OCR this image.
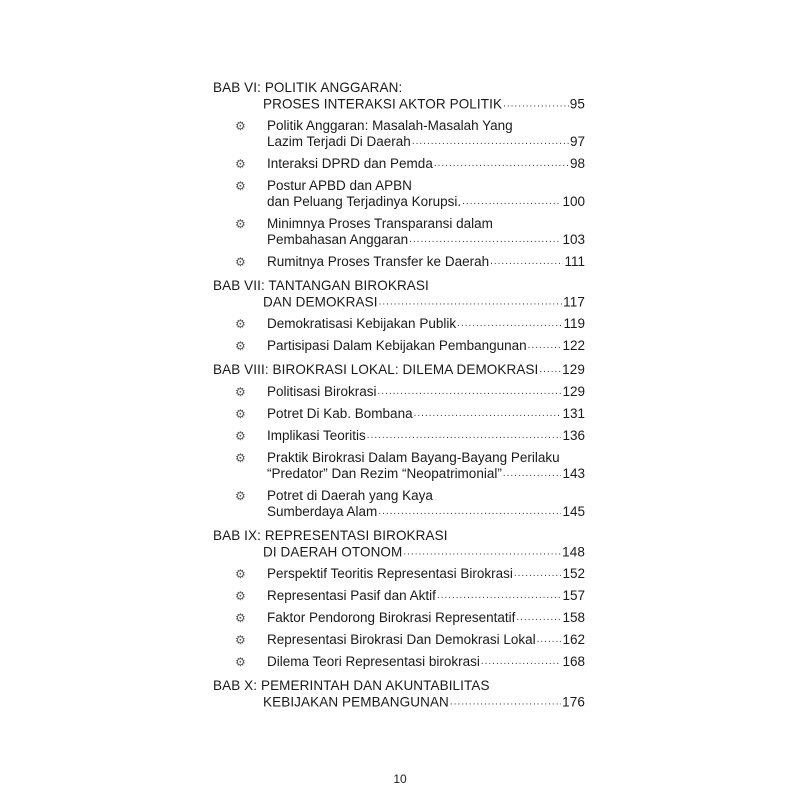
BAB VI: POLITIK ANGGARAN:
PROSES INTERAKSI AKTOR POLITIK .....	95
⚙	Politik Anggaran: Masalah-Masalah Yang
Lazim Terjadi Di Daerah .....	97
⚙	Interaksi DPRD dan Pemda .....	98
⚙	Postur APBD dan APBN
dan Peluang Terjadinya Korupsi. .....	100
⚙	Minimnya Proses Transparansi dalam
Pembahasan Anggaran .....	103
⚙	Rumitnya Proses Transfer ke Daerah .....	111
BAB VII: TANTANGAN BIROKRASI
DAN DEMOKRASI .....	117
⚙	Demokratisasi Kebijakan Publik .....	119
⚙	Partisipasi Dalam Kebijakan Pembangunan .....	122
BAB VIII: BIROKRASI LOKAL: DILEMA DEMOKRASI ..... 129
⚙	Politisasi Birokrasi .....	129
⚙	Potret Di Kab. Bombana .....	131
⚙	Implikasi Teoritis .....	136
⚙	Praktik Birokrasi Dalam Bayang-Bayang Perilaku
“Predator” Dan Rezim “Neopatrimonial” .....	143
⚙	Potret di Daerah yang Kaya
Sumberdaya Alam .....	145
BAB IX: REPRESENTASI BIROKRASI
DI DAERAH OTONOM .....	148
⚙	Perspektif Teoritis Representasi Birokrasi .....	152
⚙	Representasi Pasif dan Aktif .....	157
⚙	Faktor Pendorong Birokrasi Representatif .....	158
⚙	Representasi Birokrasi Dan Demokrasi Lokal ..... 162
⚙	Dilema Teori Representasi birokrasi .....	168
BAB X: PEMERINTAH DAN AKUNTABILITAS
KEBIJAKAN PEMBANGUNAN .....	176
10
